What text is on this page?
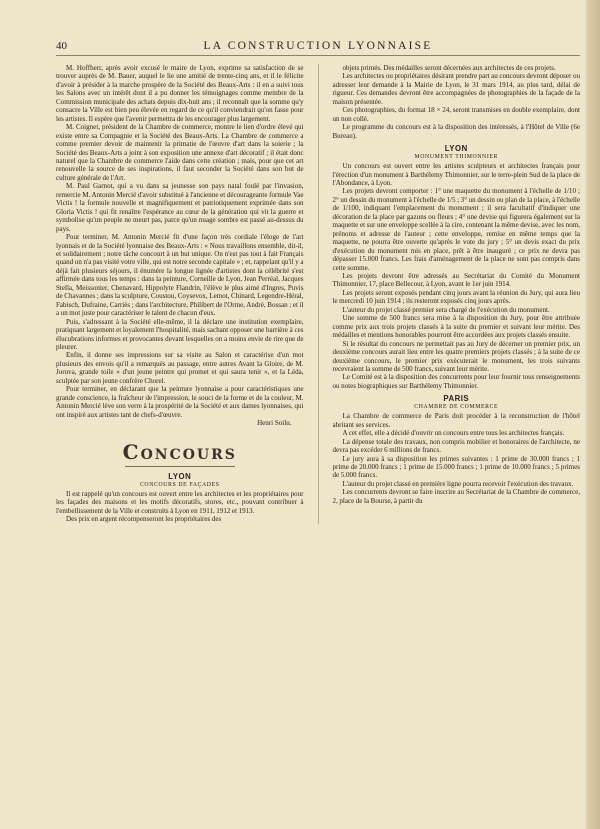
40	LA CONSTRUCTION LYONNAISE

M. Hoffherr, après avoir excusé le maire de Lyon, exprime sa satisfaction de se trouver auprès de M. Bauer, auquel le lie une amitié de trente-cinq ans, et il le félicite d'avoir à présider à la marche prospère de la Société des Beaux-Arts : il en a suivi tous les Salons avec un intérêt dont il a pu donner les témoignages comme membre de la Commission municipale des achats depuis dix-huit ans ; il reconnaît que la somme qu'y consacre la Ville est bien peu élevée en regard de ce qu'il conviendrait qu'on fasse pour les artistes. Il espère que l'avenir permettra de les encourager plus largement.

M. Coignet, président de la Chambre de commerce, montre le lien d'ordre élevé qui existe entre sa Compagnie et la Société des Beaux-Arts. La Chambre de commerce a comme premier devoir de maintenir la primatie de l'œuvre d'art dans la soierie ; la Société des Beaux-Arts a joint à son exposition une annexe d'art décoratif ; il était donc naturel que la Chambre de commerce l'aide dans cette création ; mais, pour que cet art renouvelle la source de ses inspirations, il faut seconder la Société dans son but de culture générale de l'Art.

M. Paul Garnot, qui a vu dans sa jeunesse son pays natal foulé par l'invasion, remercie M. Antonin Mercié d'avoir substitué à l'ancienne et décourageante formule Vae Victis ! la formule nouvelle et magnifiquement et patriotiquement exprimée dans son Gloria Victis ! qui fit renaître l'espérance au cœur de la génération qui vit la guerre et symbolise qu'un peuple ne meurt pas, parce qu'un nuage sombre est passé au-dessus du pays.

Pour terminer, M. Antonin Mercié fit d'une façon très cordiale l'éloge de l'art lyonnais et de la Société lyonnaise des Beaux-Arts : « Nous travaillons ensemble, dit-il, et solidairement ; notre tâche concourt à un but unique. On n'est pas tout à fait Français quand on n'a pas visité votre ville, qui est notre seconde capitale » ; et, rappelant qu'il y a déjà fait plusieurs séjours, il énumère la longue lignée d'artistes dont la célébrité s'est affirmée dans tous les temps : dans la peinture, Corneille de Lyon, Jean Perréal, Jacques Stella, Meissonier, Chenavard, Hippolyte Flandrin, l'élève le plus aimé d'Ingres, Puvis de Chavannes ; dans la sculpture, Coustou, Coysevox, Lemot, Chinard, Legendre-Héral, Fabisch, Dufraine, Carriès ; dans l'architecture, Philibert de l'Orme, André, Bossan ; et il a un mot juste pour caractériser le talent de chacun d'eux.

Puis, s'adressant à la Société elle-même, il la déclare une institution exemplaire, pratiquant largement et loyalement l'hospitalité, mais sachant opposer une barrière à ces élucubrations informes et provocantes devant lesquelles on a moins envie de rire que de pleurer.

Enfin, il donne ses impressions sur sa visite au Salon et caractérise d'un mot plusieurs des envois qu'il a remarqués au passage, entre autres Avant la Gloire, de M. Joruva, grande toile « d'un jeune peintre qui promet et qui saura tenir », et la Léda, sculptée par son jeune confrère Chorel.

Pour terminer, en déclarant que la peinture lyonnaise a pour caractéristiques une grande conscience, la fraîcheur de l'impression, le souci de la forme et de la couleur, M. Antonin Mercié lève son verre à la prospérité de la Société et aux dames lyonnaises, qui ont inspiré aux artistes tant de chefs-d'œuvre.

Henri Soilu.
Concours
LYON
CONCOURS DE FAÇADES

Il est rappelé qu'un concours est ouvert entre les architectes et les propriétaires pour les façades des maisons et les motifs décoratifs, stores, etc., pouvant contribuer à l'embellissement de la Ville et construits à Lyon en 1911, 1912 et 1913.

Des prix en argent récompenseront les propriétaires des

objets primés. Des médailles seront décernées aux architectes de ces projets.

Les architectes ou propriétaires désirant prendre part au concours devront déposer ou adresser leur demande à la Mairie de Lyon, le 31 mars 1914, au plus tard, délai de rigueur. Ces demandes devront être accompagnées de photographies de la façade de la maison présentée.

Ces photographies, du format 18 × 24, seront transmises en double exemplaire, dont un non collé.

Le programme du concours est à la disposition des intéressés, à l'Hôtel de Ville (6e Bureau).

LYON
MONUMENT THIMONNIER

Un concours est ouvert entre les artistes sculpteurs et architectes français pour l'érection d'un monument à Barthélemy Thimonnier, sur le terre-plein Sud de la place de l'Abondance, à Lyon.

Les projets devront comporter : 1° une maquette du monument à l'échelle de 1/10 ; 2° un dessin du monument à l'échelle de 1/5 ; 3° un dessin ou plan de la place, à l'échelle de 1/100, indiquant l'emplacement du monument ; il sera facultatif d'indiquer une décoration de la place par gazons ou fleurs ; 4° une devise qui figurera également sur la maquette et sur une enveloppe scellée à la cire, contenant la même devise, avec les nom, prénoms et adresse de l'auteur ; cette enveloppe, remise en même temps que la maquette, ne pourra être ouverte qu'après le vote du jury ; 5° un devis exact du prix d'exécution du monument mis en place, prêt à être inauguré ; ce prix ne devra pas dépasser 15.000 francs. Les frais d'aménagement de la place ne sont pas compris dans cette somme.

Les projets devront être adressés au Secrétariat du Comité du Monument Thimonnier, 17, place Bellecour, à Lyon, avant le 1er juin 1914.

Les projets seront exposés pendant cinq jours avant la réunion du Jury, qui aura lieu le mercredi 10 juin 1914 ; ils resteront exposés cinq jours après.

L'auteur du projet classé premier sera chargé de l'exécution du monument.

Une somme de 500 francs sera mise à la disposition du Jury, pour être attribuée comme prix aux trois projets classés à la suite du premier et suivant leur mérite. Des médailles et mentions honorables pourront être accordées aux projets classés ensuite.

Si le résultat du concours ne permettait pas au Jury de décerner un premier prix, un deuxième concours aurait lieu entre les quatre premiers projets classés ; à la suite de ce deuxième concours, le premier prix exécuterait le monument, les trois suivants recevraient la somme de 500 francs, suivant leur mérite.

Le Comité est à la disposition des concurrents pour leur fournir tous renseignements ou notes biographiques sur Barthélemy Thimonnier.

PARIS
CHAMBRE DE COMMERCE

La Chambre de commerce de Paris doit procéder à la reconstruction de l'hôtel abritant ses services.

A cet effet, elle a décidé d'ouvrir un concours entre tous les architectes français.

La dépense totale des travaux, non compris mobilier et honoraires de l'architecte, ne devra pas excéder 6 millions de francs.

Le jury aura à sa disposition les primes suivantes : 1 prime de 30.000 francs ; 1 prime de 20.000 francs ; 1 prime de 15.000 francs ; 1 prime de 10.000 francs ; 5 primes de 5.000 francs.

L'auteur du projet classé en première ligne pourra recevoir l'exécution des travaux.

Les concurrents devront se faire inscrire au Secrétariat de la Chambre de commerce, 2, place de la Bourse, à partir du
